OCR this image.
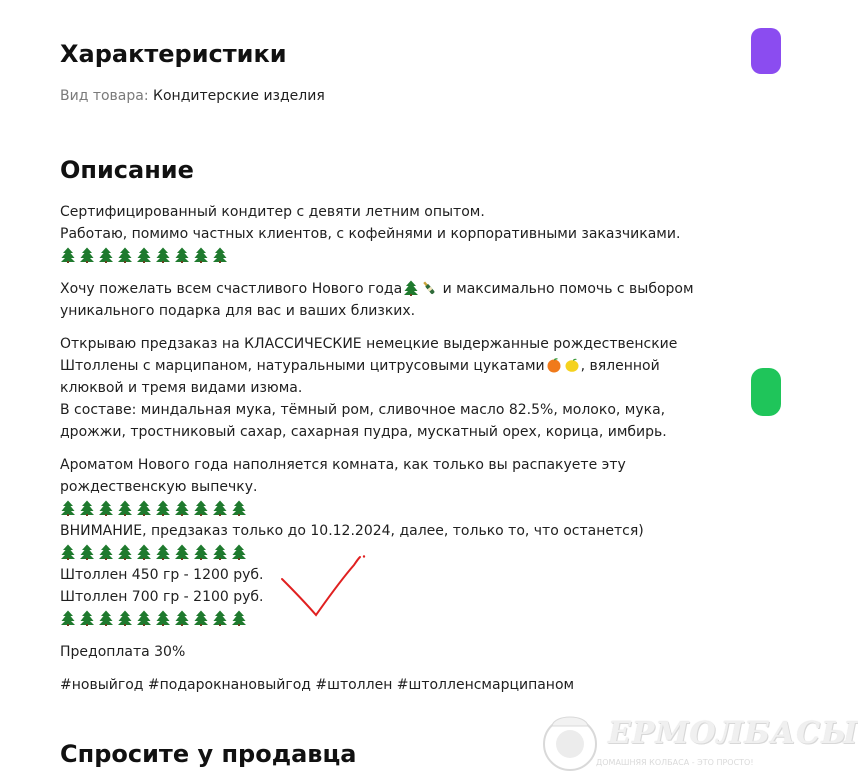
Характеристики
Вид товара: Кондитерские изделия
Описание

Сертифицированный кондитер с девяти летним опытом.
Работаю, помимо частных клиентов, с кофейнями и корпоративными заказчиками.

Хочу пожелать всем счастливого Нового года	и максимально помочь с выбором
уникального подарка для вас и ваших близких.

Открываю предзаказ на КЛАССИЧЕСКИЕ немецкие выдержанные рождественские
Штоллены с марципаном, натуральными цитрусовыми цукатами	, вяленной
клюквой и тремя видами изюма.
В составе: миндальная мука, тёмный ром, сливочное масло 82.5%, молоко, мука,
дрожжи, тростниковый сахар, сахарная пудра, мускатный орех, корица, имбирь.

Ароматом Нового года наполняется комната, как только вы распакуете эту
рождественскую выпечку.
ВНИМАНИЕ, предзаказ только до 10.12.2024, далее, только то, что останется)
Штоллен 450 гр - 1200 руб.
Штоллен 700 гр - 2100 руб.

Предоплата 30%

#новыйгод #подарокнановыйгод #штоллен #штолленсмарципаном

Спросите у продавца
ЕРМОЛБАСЫ
ДОМАШНЯЯ КОЛБАСА - ЭТО ПРОСТО!
